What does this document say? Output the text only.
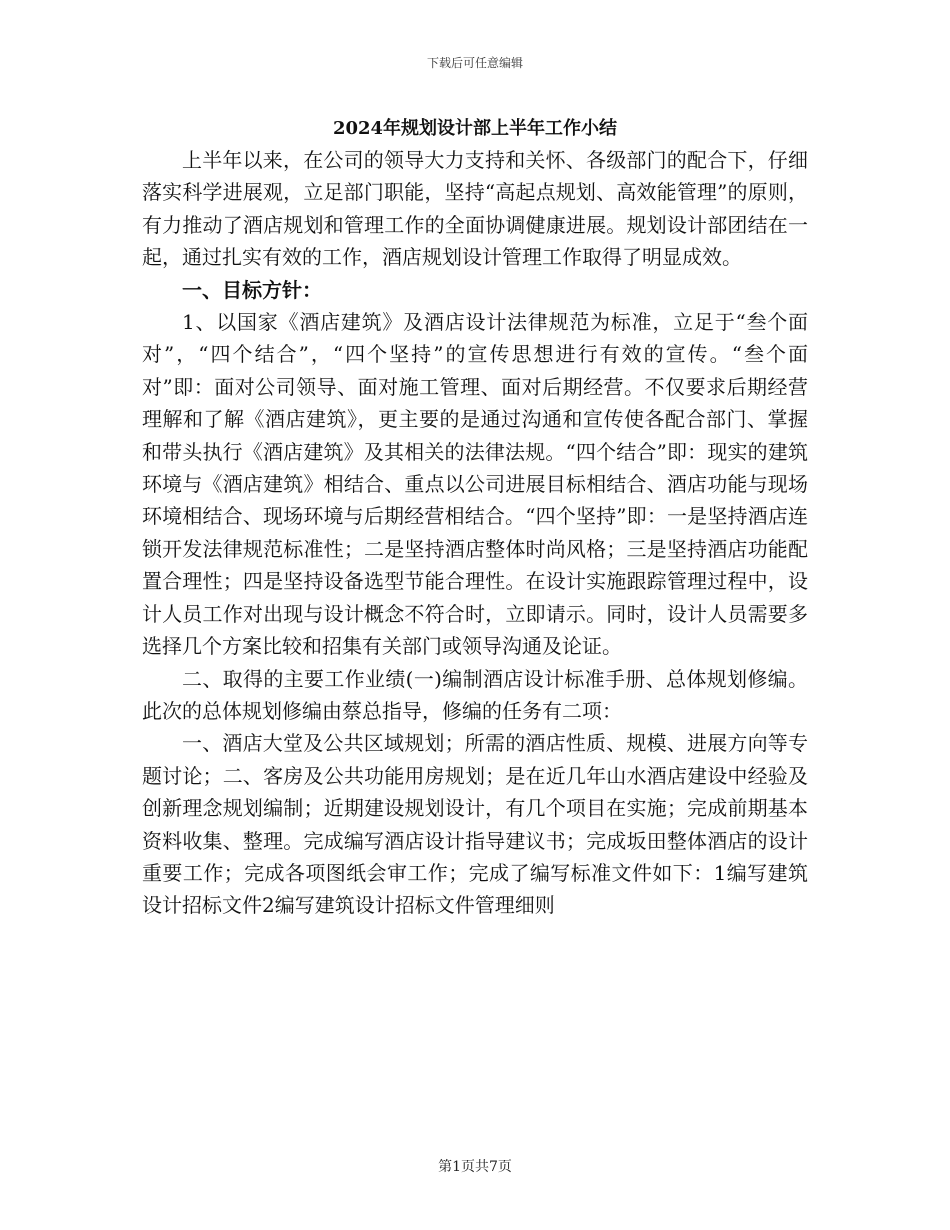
下载后可任意编辑
2024年规划设计部上半年工作小结

上半年以来，在公司的领导大力支持和关怀、各级部门的配合下，仔细落实科学进展观，立足部门职能，坚持“高起点规划、高效能管理”的原则，有力推动了酒店规划和管理工作的全面协调健康进展。规划设计部团结在一起，通过扎实有效的工作，酒店规划设计管理工作取得了明显成效。

一、目标方针：

1、以国家《酒店建筑》及酒店设计法律规范为标准，立足于“叁个面对”，“四个结合”，“四个坚持”的宣传思想进行有效的宣传。“叁个面对”即：面对公司领导、面对施工管理、面对后期经营。不仅要求后期经营理解和了解《酒店建筑》，更主要的是通过沟通和宣传使各配合部门、掌握和带头执行《酒店建筑》及其相关的法律法规。“四个结合”即：现实的建筑环境与《酒店建筑》相结合、重点以公司进展目标相结合、酒店功能与现场环境相结合、现场环境与后期经营相结合。“四个坚持”即：一是坚持酒店连锁开发法律规范标准性；二是坚持酒店整体时尚风格；三是坚持酒店功能配置合理性；四是坚持设备选型节能合理性。在设计实施跟踪管理过程中，设计人员工作对出现与设计概念不符合时，立即请示。同时，设计人员需要多选择几个方案比较和招集有关部门或领导沟通及论证。

二、取得的主要工作业绩(一)编制酒店设计标准手册、总体规划修编。此次的总体规划修编由蔡总指导，修编的任务有二项：

一、酒店大堂及公共区域规划；所需的酒店性质、规模、进展方向等专题讨论；二、客房及公共功能用房规划；是在近几年山水酒店建设中经验及创新理念规划编制；近期建设规划设计，有几个项目在实施；完成前期基本资料收集、整理。完成编写酒店设计指导建议书；完成坂田整体酒店的设计重要工作；完成各项图纸会审工作；完成了编写标准文件如下：1编写建筑设计招标文件2编写建筑设计招标文件管理细则

第1页共7页
